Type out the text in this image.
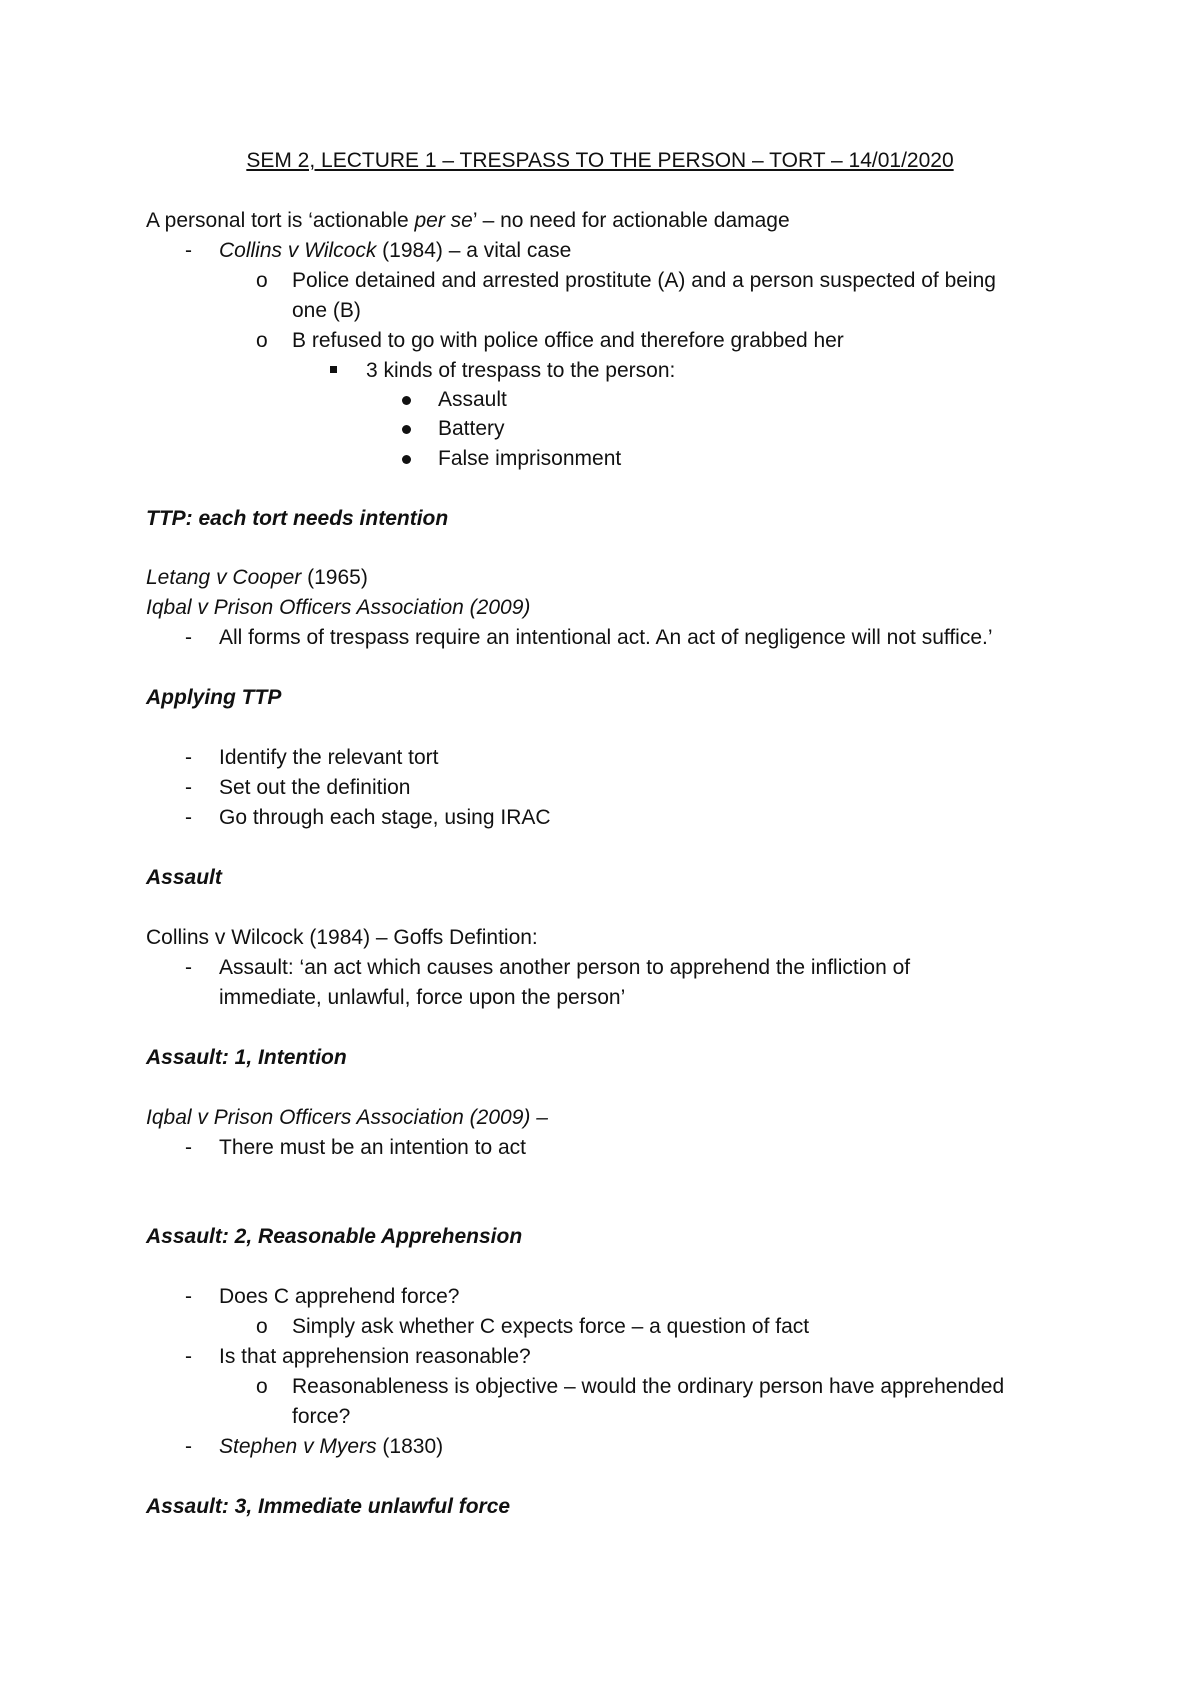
SEM 2, LECTURE 1 – TRESPASS TO THE PERSON – TORT – 14/01/2020
A personal tort is ‘actionable per se’ – no need for actionable damage
- Collins v Wilcock (1984) – a vital case
o Police detained and arrested prostitute (A) and a person suspected of being
one (B)
o B refused to go with police office and therefore grabbed her
3 kinds of trespass to the person:
Assault
Battery
False imprisonment
TTP: each tort needs intention
Letang v Cooper (1965)
Iqbal v Prison Officers Association (2009)
- All forms of trespass require an intentional act. An act of negligence will not suffice.’
Applying TTP
- Identify the relevant tort
- Set out the definition
- Go through each stage, using IRAC
Assault
Collins v Wilcock (1984) – Goffs Defintion:
- Assault: ‘an act which causes another person to apprehend the infliction of
immediate, unlawful, force upon the person’
Assault: 1, Intention
Iqbal v Prison Officers Association (2009) –
- There must be an intention to act
Assault: 2, Reasonable Apprehension
- Does C apprehend force?
o Simply ask whether C expects force – a question of fact
- Is that apprehension reasonable?
o Reasonableness is objective – would the ordinary person have apprehended
force?
- Stephen v Myers (1830)
Assault: 3, Immediate unlawful force
